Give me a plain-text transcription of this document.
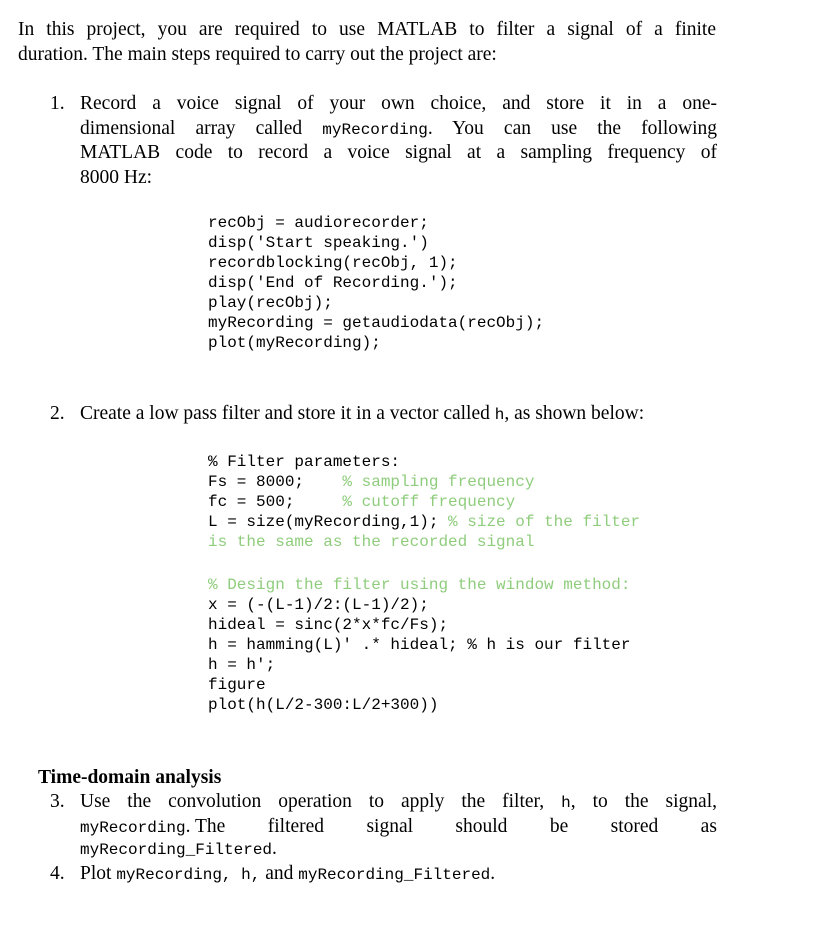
In this project, you are required to use MATLAB to filter a signal of a finite
duration. The main steps required to carry out the project are:
1. Record a voice signal of your own choice, and store it in a one-
dimensional array called myRecording. You can use the following
MATLAB code to record a voice signal at a sampling frequency of
8000 Hz:
recObj = audiorecorder;
disp('Start speaking.')
recordblocking(recObj, 1);
disp('End of Recording.');
play(recObj);
myRecording = getaudiodata(recObj);
plot(myRecording);
2. Create a low pass filter and store it in a vector called h, as shown below:
% Filter parameters:
Fs = 8000;    % sampling frequency
fc = 500;     % cutoff frequency
L = size(myRecording,1); % size of the filter
is the same as the recorded signal
% Design the filter using the window method:
x = (-(L-1)/2:(L-1)/2);
hideal = sinc(2*x*fc/Fs);
h = hamming(L)' .* hideal; % h is our filter
h = h';
figure
plot(h(L/2-300:L/2+300))
Time-domain analysis
3. Use the convolution operation to apply the filter, h, to the signal,
myRecording. The filtered signal should be stored as
myRecording_Filtered.
4. Plot myRecording, h, and myRecording_Filtered.
